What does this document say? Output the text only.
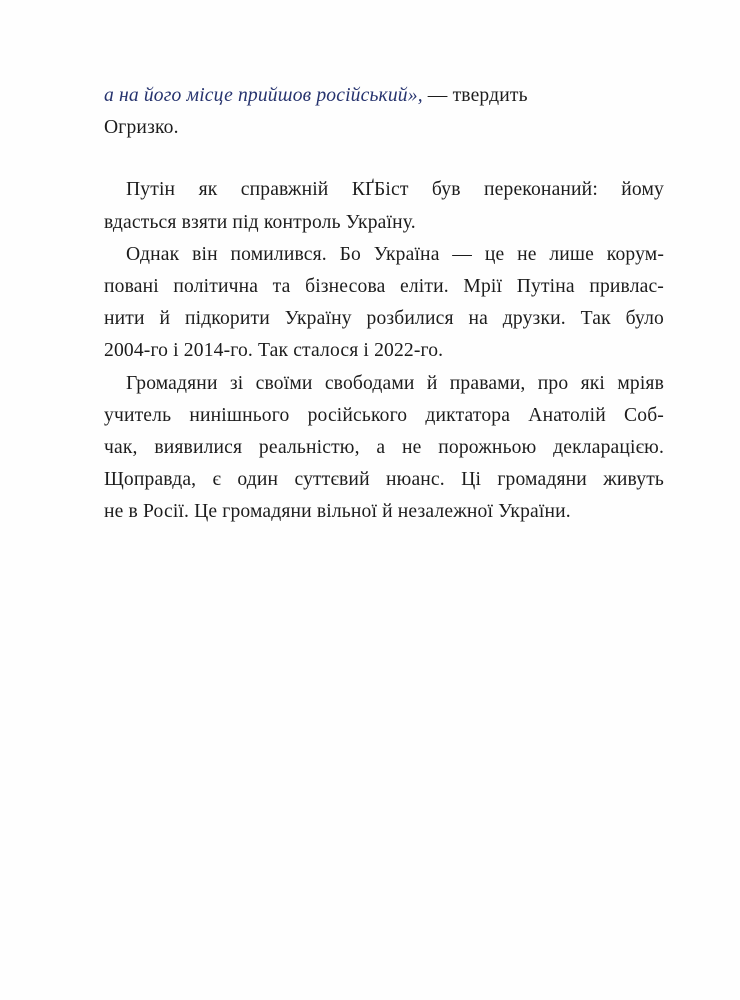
а на його місце прийшов російський», — твердить
Огризко.
Путін як справжній КҐБіст був переконаний: йому
вдасться взяти під контроль Україну.
Однак він помилився. Бо Україна — це не лише корум-
повані політична та бізнесова еліти. Мрії Путіна привлас-
нити й підкорити Україну розбилися на друзки. Так було
2004-го і 2014-го. Так сталося і 2022-го.
Громадяни зі своїми свободами й правами, про які мріяв
учитель нинішнього російського диктатора Анатолій Соб-
чак, виявилися реальністю, а не порожньою декларацією.
Щоправда, є один суттєвий нюанс. Ці громадяни живуть
не в Росії. Це громадяни вільної й незалежної України.
